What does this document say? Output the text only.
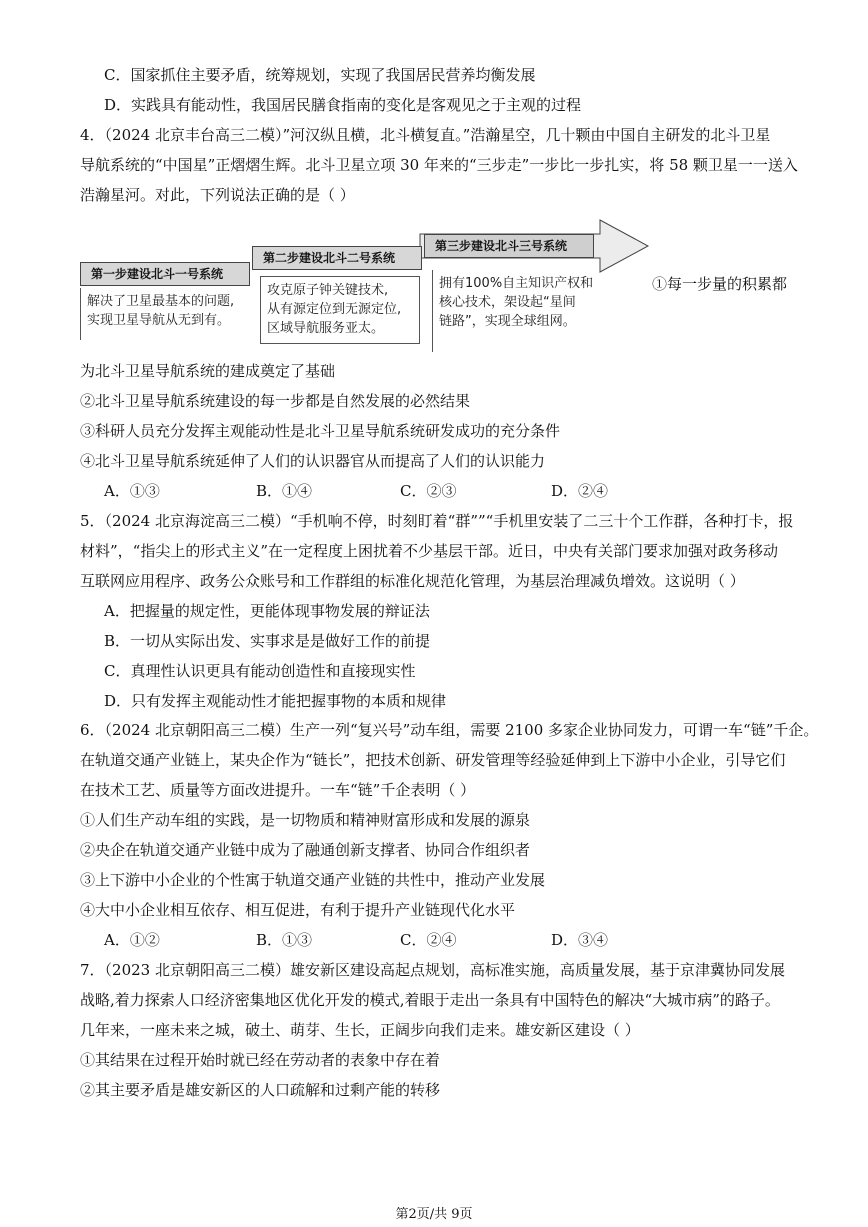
C．国家抓住主要矛盾，统筹规划，实现了我国居民营养均衡发展
D．实践具有能动性，我国居民膳食指南的变化是客观见之于主观的过程
4．（2024 北京丰台高三二模）”河汉纵且横，北斗横复直。”浩瀚星空，几十颗由中国自主研发的北斗卫星
导航系统的“中国星”正熠熠生辉。北斗卫星立项 30 年来的“三步走”一步比一步扎实，将 58 颗卫星一一送入
浩瀚星河。对此，下列说法正确的是（ ）
第一步建设北斗一号系统
第二步建设北斗二号系统
第三步建设北斗三号系统
解决了卫星最基本的问题,
实现卫星导航从无到有。
攻克原子钟关键技术,
从有源定位到无源定位,
区域导航服务亚太。
拥有100%自主知识产权和
核心技术，架设起“星间
链路”，实现全球组网。
①每一步量的积累都
为北斗卫星导航系统的建成奠定了基础
②北斗卫星导航系统建设的每一步都是自然发展的必然结果
③科研人员充分发挥主观能动性是北斗卫星导航系统研发成功的充分条件
④北斗卫星导航系统延伸了人们的认识器官从而提高了人们的认识能力
A．①③	B．①④	C．②③	D．②④
5．（2024 北京海淀高三二模）“手机响不停，时刻盯着“群””“手机里安装了二三十个工作群，各种打卡，报
材料”，“指尖上的形式主义”在一定程度上困扰着不少基层干部。近日，中央有关部门要求加强对政务移动
互联网应用程序、政务公众账号和工作群组的标准化规范化管理，为基层治理减负增效。这说明（ ）
A．把握量的规定性，更能体现事物发展的辩证法
B．一切从实际出发、实事求是是做好工作的前提
C．真理性认识更具有能动创造性和直接现实性
D．只有发挥主观能动性才能把握事物的本质和规律
6．（2024 北京朝阳高三二模）生产一列“复兴号”动车组，需要 2100 多家企业协同发力，可谓一车“链”千企。
在轨道交通产业链上，某央企作为“链长”，把技术创新、研发管理等经验延伸到上下游中小企业，引导它们
在技术工艺、质量等方面改进提升。一车“链”千企表明（ ）
①人们生产动车组的实践，是一切物质和精神财富形成和发展的源泉
②央企在轨道交通产业链中成为了融通创新支撑者、协同合作组织者
③上下游中小企业的个性寓于轨道交通产业链的共性中，推动产业发展
④大中小企业相互依存、相互促进，有利于提升产业链现代化水平
A．①②	B．①③	C．②④	D．③④
7．（2023 北京朝阳高三二模）雄安新区建设高起点规划，高标准实施，高质量发展，基于京津冀协同发展
战略,着力探索人口经济密集地区优化开发的模式,着眼于走出一条具有中国特色的解决“大城市病”的路子。
几年来，一座未来之城，破土、萌芽、生长，正阔步向我们走来。雄安新区建设（ ）
①其结果在过程开始时就已经在劳动者的表象中存在着
②其主要矛盾是雄安新区的人口疏解和过剩产能的转移
第2页/共 9页
